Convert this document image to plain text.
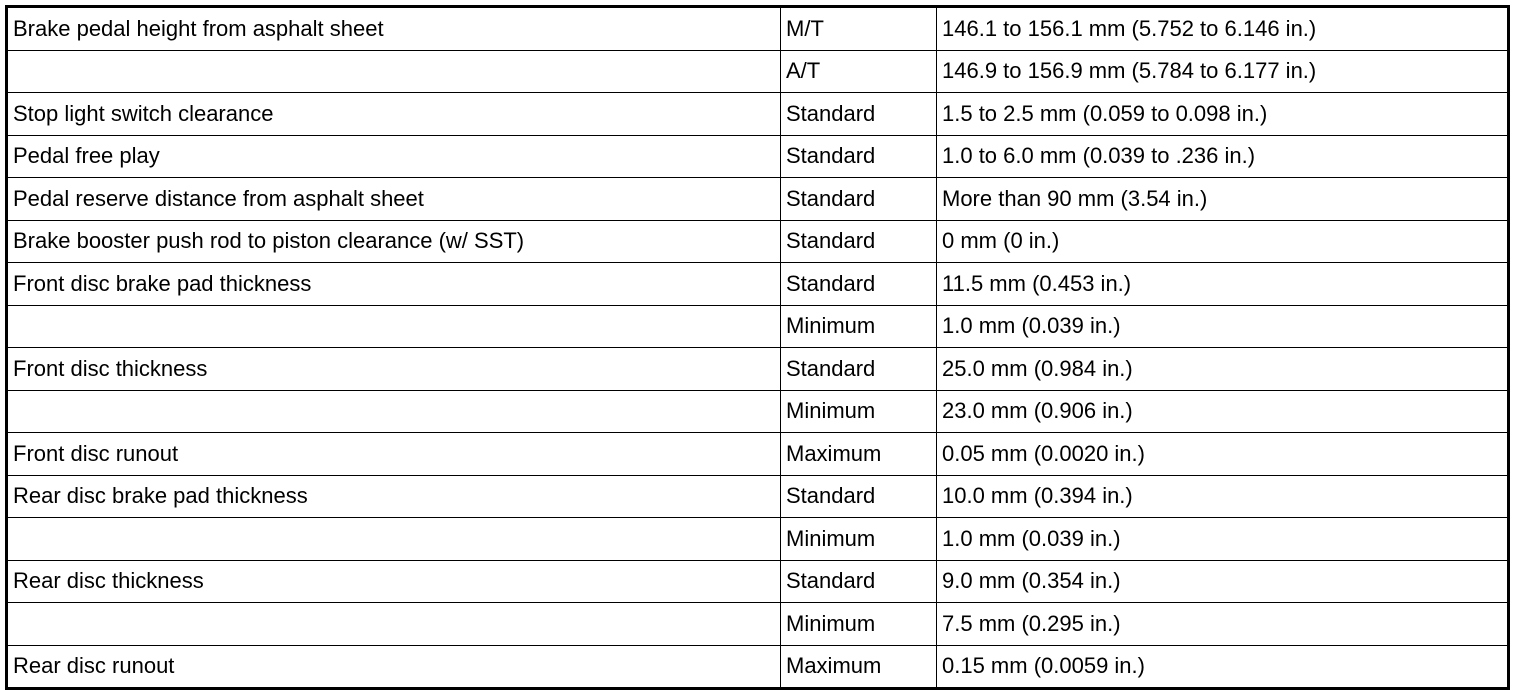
Brake pedal height from asphalt sheet	M/T	146.1 to 156.1 mm (5.752 to 6.146 in.)
	A/T	146.9 to 156.9 mm (5.784 to 6.177 in.)
Stop light switch clearance	Standard	1.5 to 2.5 mm (0.059 to 0.098 in.)
Pedal free play	Standard	1.0 to 6.0 mm (0.039 to .236 in.)
Pedal reserve distance from asphalt sheet	Standard	More than 90 mm (3.54 in.)
Brake booster push rod to piston clearance (w/ SST)	Standard	0 mm (0 in.)
Front disc brake pad thickness	Standard	11.5 mm (0.453 in.)
	Minimum	1.0 mm (0.039 in.)
Front disc thickness	Standard	25.0 mm (0.984 in.)
	Minimum	23.0 mm (0.906 in.)
Front disc runout	Maximum	0.05 mm (0.0020 in.)
Rear disc brake pad thickness	Standard	10.0 mm (0.394 in.)
	Minimum	1.0 mm (0.039 in.)
Rear disc thickness	Standard	9.0 mm (0.354 in.)
	Minimum	7.5 mm (0.295 in.)
Rear disc runout	Maximum	0.15 mm (0.0059 in.)
